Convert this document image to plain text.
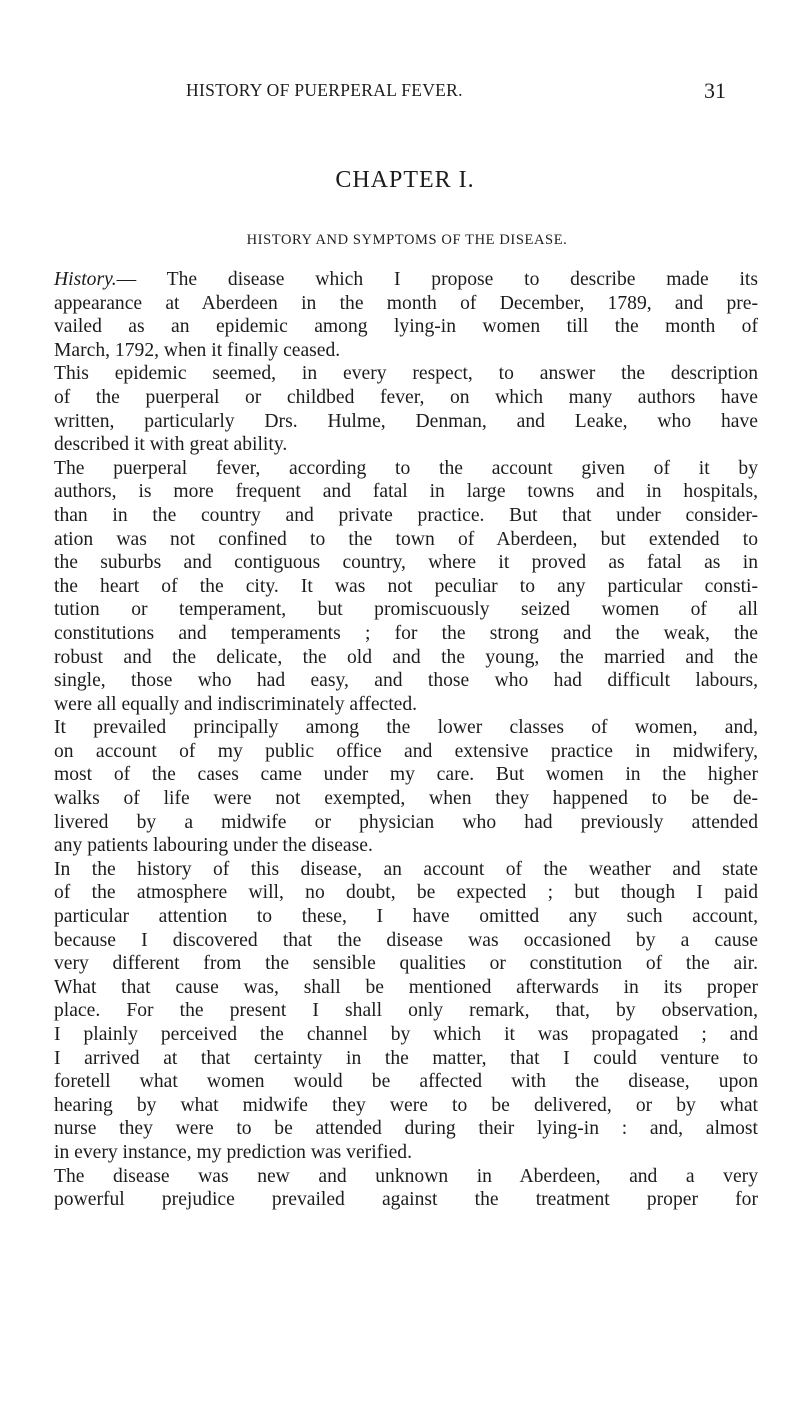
HISTORY OF PUERPERAL FEVER.	31
CHAPTER I.
HISTORY AND SYMPTOMS OF THE DISEASE.
History.— The disease which I propose to describe made its
appearance at Aberdeen in the month of December, 1789, and pre-
vailed as an epidemic among lying-in women till the month of
March, 1792, when it finally ceased.
This epidemic seemed, in every respect, to answer the description
of the puerperal or childbed fever, on which many authors have
written, particularly Drs. Hulme, Denman, and Leake, who have
described it with great ability.
The puerperal fever, according to the account given of it by
authors, is more frequent and fatal in large towns and in hospitals,
than in the country and private practice. But that under consider-
ation was not confined to the town of Aberdeen, but extended to
the suburbs and contiguous country, where it proved as fatal as in
the heart of the city. It was not peculiar to any particular consti-
tution or temperament, but promiscuously seized women of all
constitutions and temperaments ; for the strong and the weak, the
robust and the delicate, the old and the young, the married and the
single, those who had easy, and those who had difficult labours,
were all equally and indiscriminately affected.
It prevailed principally among the lower classes of women, and,
on account of my public office and extensive practice in midwifery,
most of the cases came under my care. But women in the higher
walks of life were not exempted, when they happened to be de-
livered by a midwife or physician who had previously attended
any patients labouring under the disease.
In the history of this disease, an account of the weather and state
of the atmosphere will, no doubt, be expected ; but though I paid
particular attention to these, I have omitted any such account,
because I discovered that the disease was occasioned by a cause
very different from the sensible qualities or constitution of the air.
What that cause was, shall be mentioned afterwards in its proper
place. For the present I shall only remark, that, by observation,
I plainly perceived the channel by which it was propagated ; and
I arrived at that certainty in the matter, that I could venture to
foretell what women would be affected with the disease, upon
hearing by what midwife they were to be delivered, or by what
nurse they were to be attended during their lying-in : and, almost
in every instance, my prediction was verified.
The disease was new and unknown in Aberdeen, and a very
powerful prejudice prevailed against the treatment proper for
